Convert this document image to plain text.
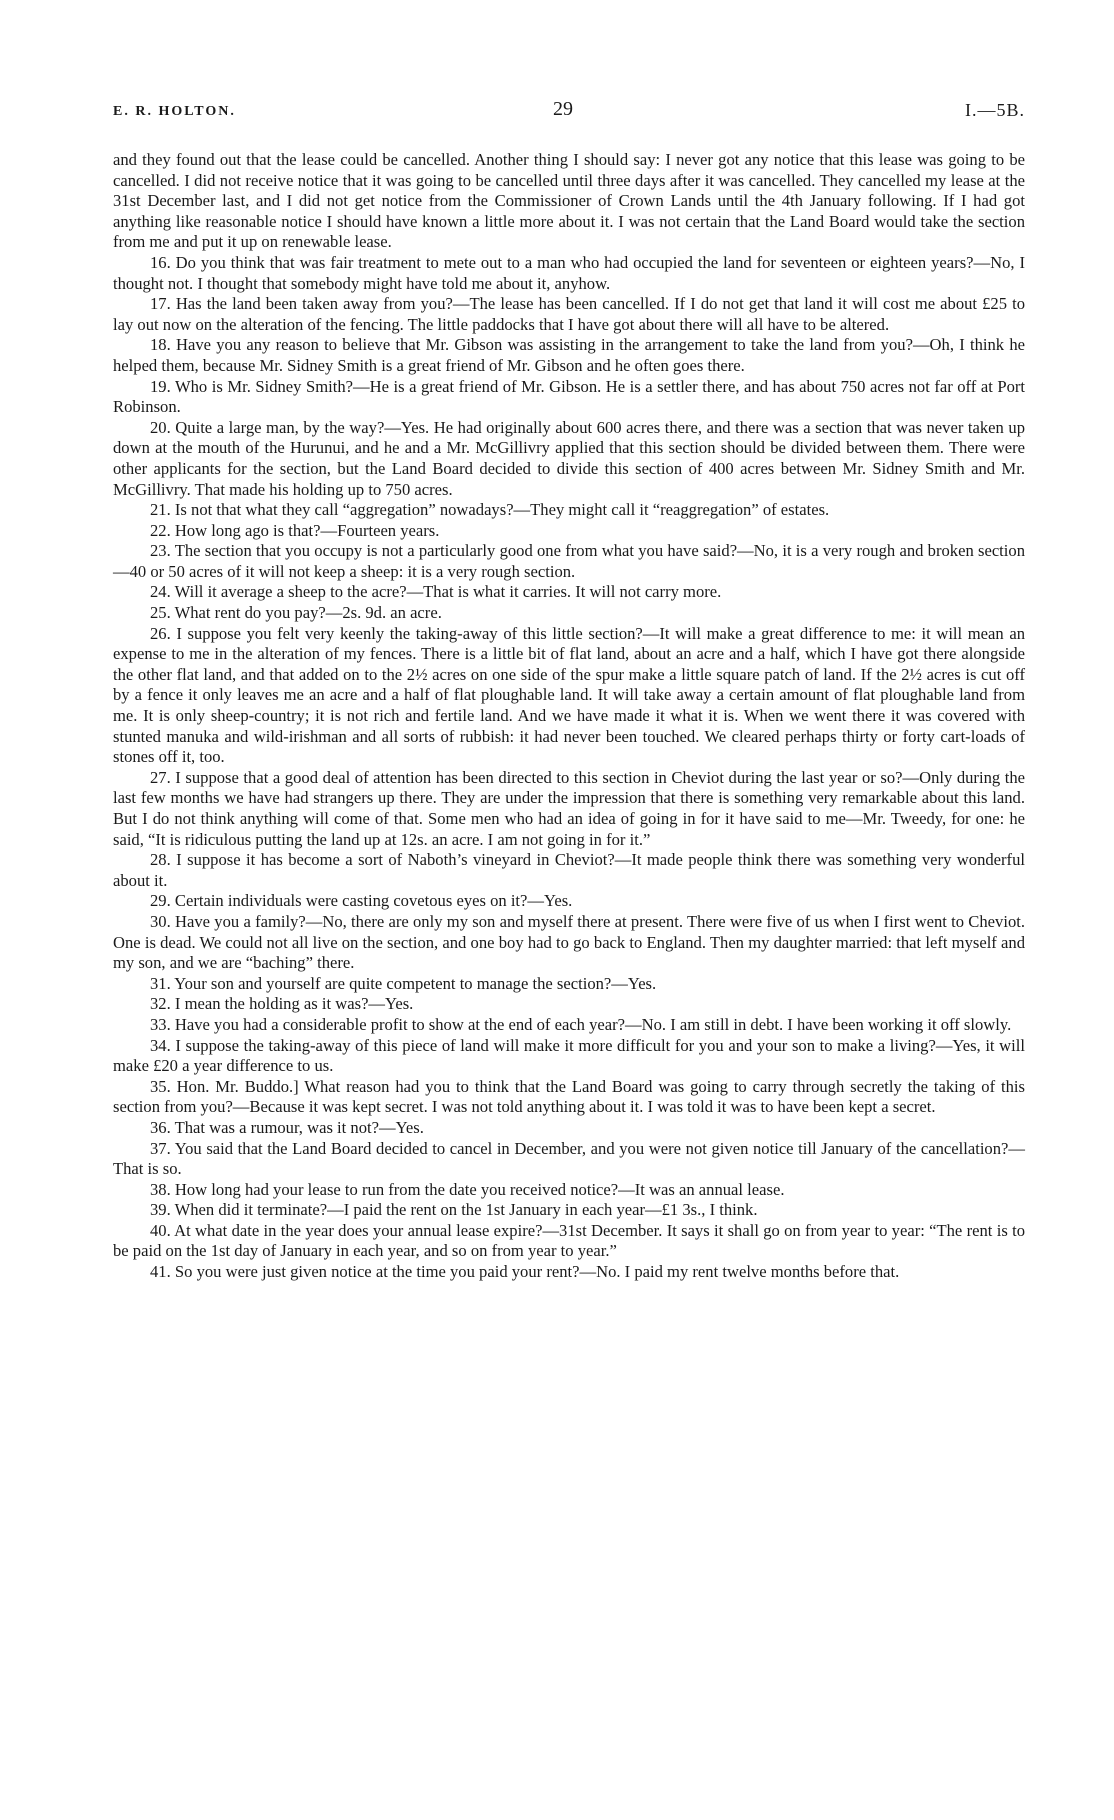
E. R. HOLTON.	29	I.—5B.

and they found out that the lease could be cancelled. Another thing I should say: I never got any notice that this lease was going to be cancelled. I did not receive notice that it was going to be cancelled until three days after it was cancelled. They cancelled my lease at the 31st December last, and I did not get notice from the Commissioner of Crown Lands until the 4th January following. If I had got anything like reasonable notice I should have known a little more about it. I was not certain that the Land Board would take the section from me and put it up on renewable lease.

16. Do you think that was fair treatment to mete out to a man who had occupied the land for seventeen or eighteen years?—No, I thought not. I thought that somebody might have told me about it, anyhow.

17. Has the land been taken away from you?—The lease has been cancelled. If I do not get that land it will cost me about £25 to lay out now on the alteration of the fencing. The little paddocks that I have got about there will all have to be altered.

18. Have you any reason to believe that Mr. Gibson was assisting in the arrangement to take the land from you?—Oh, I think he helped them, because Mr. Sidney Smith is a great friend of Mr. Gibson and he often goes there.

19. Who is Mr. Sidney Smith?—He is a great friend of Mr. Gibson. He is a settler there, and has about 750 acres not far off at Port Robinson.

20. Quite a large man, by the way?—Yes. He had originally about 600 acres there, and there was a section that was never taken up down at the mouth of the Hurunui, and he and a Mr. McGillivry applied that this section should be divided between them. There were other applicants for the section, but the Land Board decided to divide this section of 400 acres between Mr. Sidney Smith and Mr. McGillivry. That made his holding up to 750 acres.

21. Is not that what they call “aggregation” nowadays?—They might call it “reaggregation” of estates.

22. How long ago is that?—Fourteen years.

23. The section that you occupy is not a particularly good one from what you have said?—No, it is a very rough and broken section—40 or 50 acres of it will not keep a sheep: it is a very rough section.

24. Will it average a sheep to the acre?—That is what it carries. It will not carry more.

25. What rent do you pay?—2s. 9d. an acre.

26. I suppose you felt very keenly the taking-away of this little section?—It will make a great difference to me: it will mean an expense to me in the alteration of my fences. There is a little bit of flat land, about an acre and a half, which I have got there alongside the other flat land, and that added on to the 2½ acres on one side of the spur make a little square patch of land. If the 2½ acres is cut off by a fence it only leaves me an acre and a half of flat ploughable land. It will take away a certain amount of flat ploughable land from me. It is only sheep-country; it is not rich and fertile land. And we have made it what it is. When we went there it was covered with stunted manuka and wild-irishman and all sorts of rubbish: it had never been touched. We cleared perhaps thirty or forty cart-loads of stones off it, too.

27. I suppose that a good deal of attention has been directed to this section in Cheviot during the last year or so?—Only during the last few months we have had strangers up there. They are under the impression that there is something very remarkable about this land. But I do not think anything will come of that. Some men who had an idea of going in for it have said to me—Mr. Tweedy, for one: he said, “It is ridiculous putting the land up at 12s. an acre. I am not going in for it.”

28. I suppose it has become a sort of Naboth’s vineyard in Cheviot?—It made people think there was something very wonderful about it.

29. Certain individuals were casting covetous eyes on it?—Yes.

30. Have you a family?—No, there are only my son and myself there at present. There were five of us when I first went to Cheviot. One is dead. We could not all live on the section, and one boy had to go back to England. Then my daughter married: that left myself and my son, and we are “baching” there.

31. Your son and yourself are quite competent to manage the section?—Yes.

32. I mean the holding as it was?—Yes.

33. Have you had a considerable profit to show at the end of each year?—No. I am still in debt. I have been working it off slowly.

34. I suppose the taking-away of this piece of land will make it more difficult for you and your son to make a living?—Yes, it will make £20 a year difference to us.

35. Hon. Mr. Buddo.] What reason had you to think that the Land Board was going to carry through secretly the taking of this section from you?—Because it was kept secret. I was not told anything about it. I was told it was to have been kept a secret.

36. That was a rumour, was it not?—Yes.

37. You said that the Land Board decided to cancel in December, and you were not given notice till January of the cancellation?—That is so.

38. How long had your lease to run from the date you received notice?—It was an annual lease.

39. When did it terminate?—I paid the rent on the 1st January in each year—£1 3s., I think.

40. At what date in the year does your annual lease expire?—31st December. It says it shall go on from year to year: “The rent is to be paid on the 1st day of January in each year, and so on from year to year.”

41. So you were just given notice at the time you paid your rent?—No. I paid my rent twelve months before that.
